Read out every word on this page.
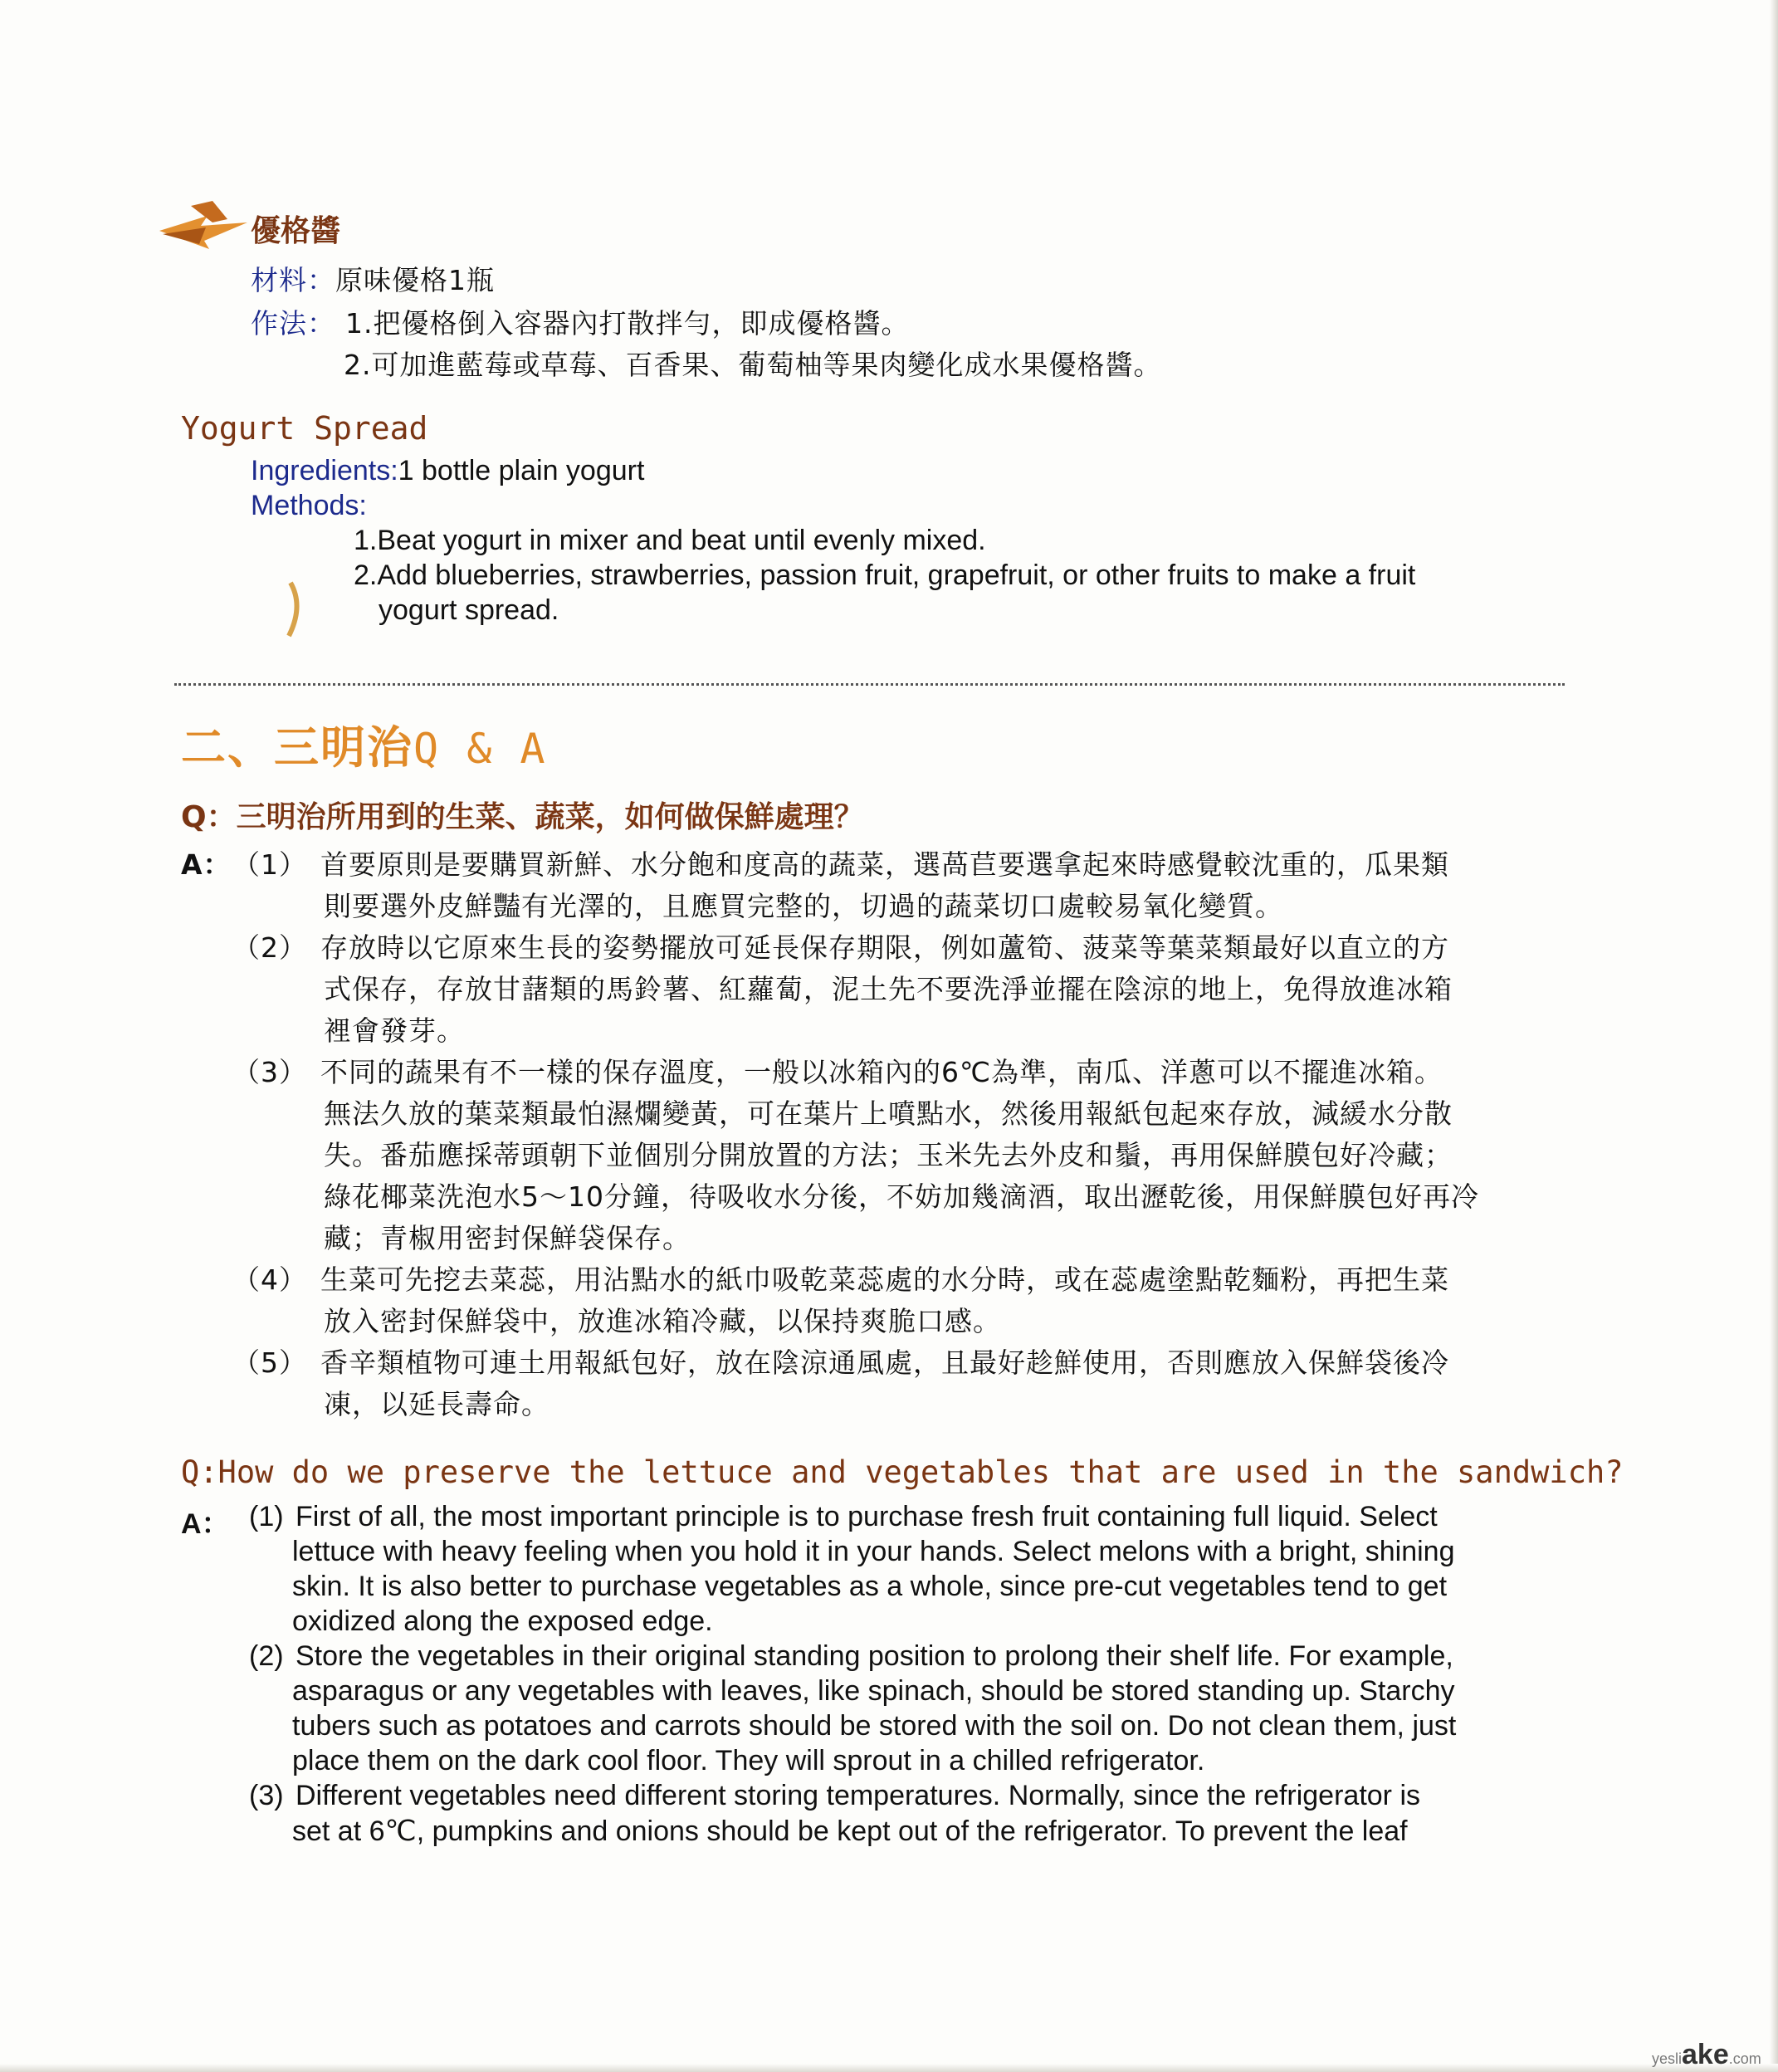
優格醬
材料：原味優格1瓶
作法： 1.把優格倒入容器內打散拌勻，即成優格醬。
2.可加進藍莓或草莓、百香果、葡萄柚等果肉變化成水果優格醬。
Yogurt Spread
Ingredients:1 bottle plain yogurt
Methods:
1.Beat yogurt in mixer and beat until evenly mixed.
2.Add blueberries, strawberries, passion fruit, grapefruit, or other fruits to make a fruit
yogurt spread.
二、三明治Q & A
Q：三明治所用到的生菜、蔬菜，如何做保鮮處理？
Q:How do we preserve the lettuce and vegetables that are used in the sandwich?
yesliake.com
A： （1） 首要原則是要購買新鮮、水分飽和度高的蔬菜，選萵苣要選拿起來時感覺較沈重的，瓜果類
則要選外皮鮮豔有光澤的，且應買完整的，切過的蔬菜切口處較易氧化變質。
（2） 存放時以它原來生長的姿勢擺放可延長保存期限，例如蘆筍、菠菜等葉菜類最好以直立的方
式保存，存放甘藷類的馬鈴薯、紅蘿蔔，泥土先不要洗淨並擺在陰涼的地上，免得放進冰箱
裡會發芽。
（3） 不同的蔬果有不一樣的保存溫度，一般以冰箱內的6℃為準，南瓜、洋蔥可以不擺進冰箱。
無法久放的葉菜類最怕濕爛變黃，可在葉片上噴點水，然後用報紙包起來存放，減緩水分散
失。番茄應採蒂頭朝下並個別分開放置的方法；玉米先去外皮和鬚，再用保鮮膜包好冷藏；
綠花椰菜洗泡水5～10分鐘，待吸收水分後，不妨加幾滴酒，取出瀝乾後，用保鮮膜包好再冷
藏；青椒用密封保鮮袋保存。
（4） 生菜可先挖去菜蕊，用沾點水的紙巾吸乾菜蕊處的水分時，或在蕊處塗點乾麵粉，再把生菜
放入密封保鮮袋中，放進冰箱冷藏，以保持爽脆口感。
（5） 香辛類植物可連土用報紙包好，放在陰涼通風處，且最好趁鮮使用，否則應放入保鮮袋後冷
凍，以延長壽命。
A： (1) First of all, the most important principle is to purchase fresh fruit containing full liquid. Select
lettuce with heavy feeling when you hold it in your hands. Select melons with a bright, shining
skin. It is also better to purchase vegetables as a whole, since pre-cut vegetables tend to get
oxidized along the exposed edge.
(2) Store the vegetables in their original standing position to prolong their shelf life. For example,
asparagus or any vegetables with leaves, like spinach, should be stored standing up. Starchy
tubers such as potatoes and carrots should be stored with the soil on. Do not clean them, just
place them on the dark cool floor. They will sprout in a chilled refrigerator.
(3) Different vegetables need different storing temperatures. Normally, since the refrigerator is
set at 6℃, pumpkins and onions should be kept out of the refrigerator. To prevent the leaf
